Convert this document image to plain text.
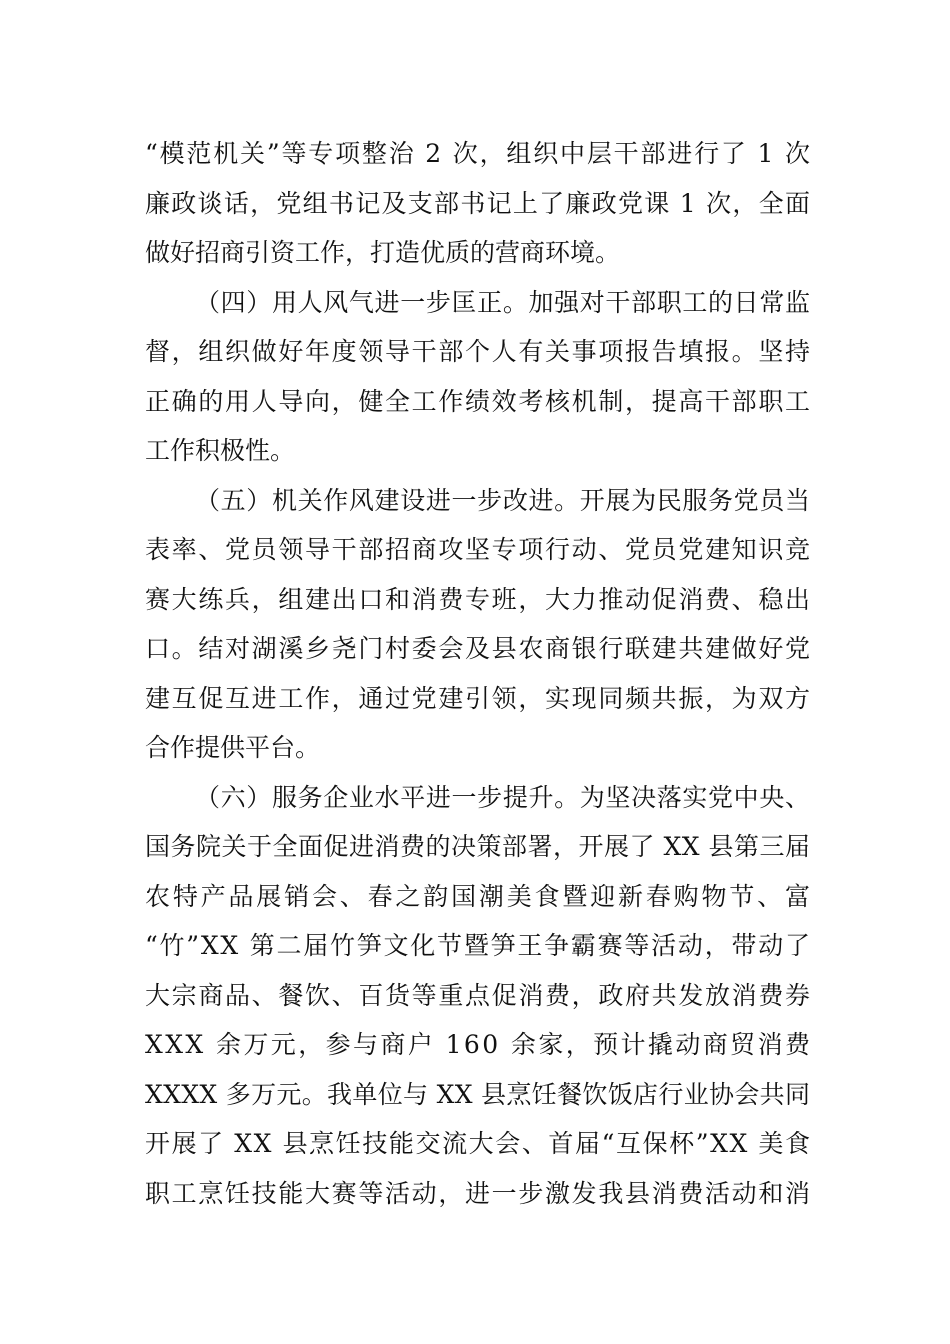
“模范机关”等专项整治 2 次，组织中层干部进行了 1 次
廉政谈话，党组书记及支部书记上了廉政党课 1 次，全面
做好招商引资工作，打造优质的营商环境。
（四）用人风气进一步匡正。加强对干部职工的日常监
督，组织做好年度领导干部个人有关事项报告填报。坚持
正确的用人导向，健全工作绩效考核机制，提高干部职工
工作积极性。
（五）机关作风建设进一步改进。开展为民服务党员当
表率、党员领导干部招商攻坚专项行动、党员党建知识竞
赛大练兵，组建出口和消费专班，大力推动促消费、稳出
口。结对湖溪乡尧门村委会及县农商银行联建共建做好党
建互促互进工作，通过党建引领，实现同频共振，为双方
合作提供平台。
（六）服务企业水平进一步提升。为坚决落实党中央、
国务院关于全面促进消费的决策部署，开展了 XX 县第三届
农特产品展销会、春之韵国潮美食暨迎新春购物节、富
“竹”XX 第二届竹笋文化节暨笋王争霸赛等活动，带动了
大宗商品、餐饮、百货等重点促消费，政府共发放消费券
XXX 余万元，参与商户 160 余家，预计撬动商贸消费
XXXX 多万元。我单位与 XX 县烹饪餐饮饭店行业协会共同
开展了 XX 县烹饪技能交流大会、首届“互保杯”XX 美食
职工烹饪技能大赛等活动，进一步激发我县消费活动和消
